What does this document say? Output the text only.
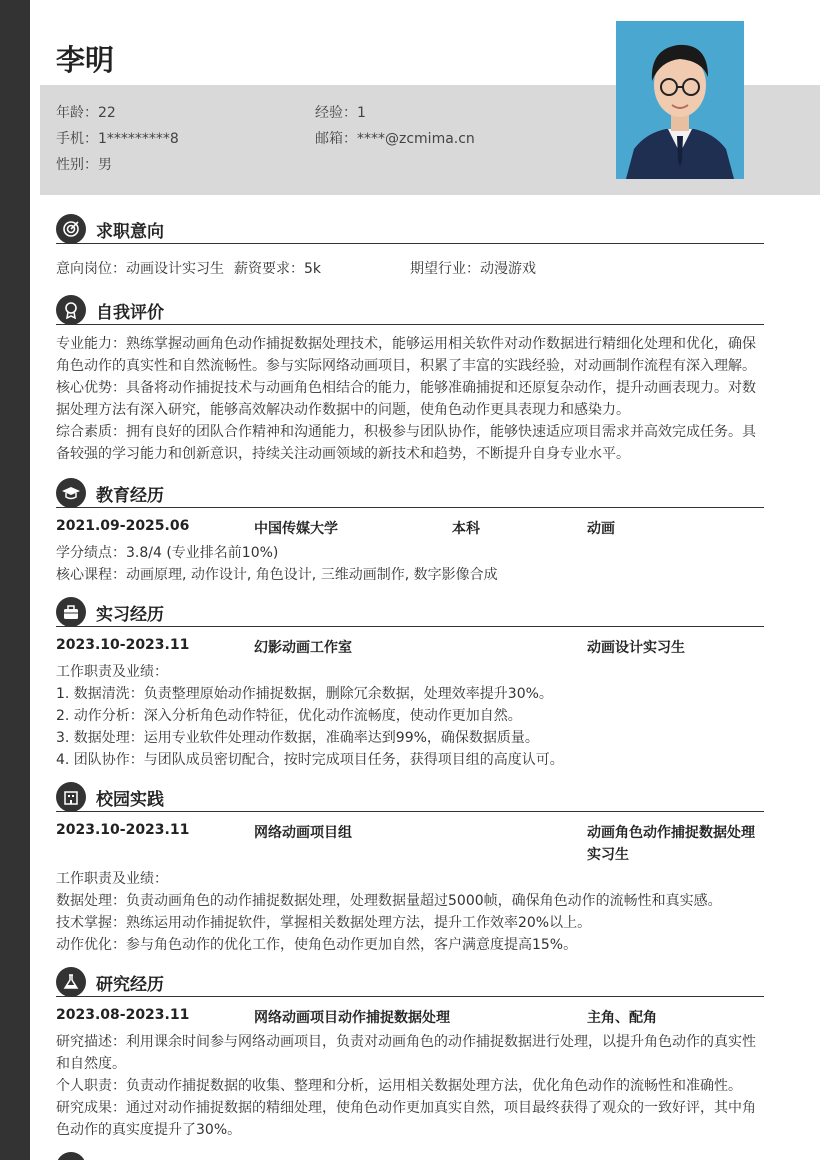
李明
年龄：22	经验：1
手机：1*********8	邮箱：****@zcmima.cn
性别：男
求职意向
意向岗位：动画设计实习生 薪资要求：5k	期望行业：动漫游戏
自我评价
专业能力：熟练掌握动画角色动作捕捉数据处理技术，能够运用相关软件对动作数据进行精细化处理和优化，确保角色动作的真实性和自然流畅性。参与实际网络动画项目，积累了丰富的实践经验，对动画制作流程有深入理解。
核心优势：具备将动作捕捉技术与动画角色相结合的能力，能够准确捕捉和还原复杂动作，提升动画表现力。对数据处理方法有深入研究，能够高效解决动作数据中的问题，使角色动作更具表现力和感染力。
综合素质：拥有良好的团队合作精神和沟通能力，积极参与团队协作，能够快速适应项目需求并高效完成任务。具备较强的学习能力和创新意识，持续关注动画领域的新技术和趋势，不断提升自身专业水平。
教育经历
2021.09-2025.06	中国传媒大学	本科	动画
学分绩点：3.8/4 (专业排名前10%)
核心课程：动画原理, 动作设计, 角色设计, 三维动画制作, 数字影像合成
实习经历
2023.10-2023.11	幻影动画工作室	动画设计实习生
工作职责及业绩：
1. 数据清洗：负责整理原始动作捕捉数据，删除冗余数据，处理效率提升30%。
2. 动作分析：深入分析角色动作特征，优化动作流畅度，使动作更加自然。
3. 数据处理：运用专业软件处理动作数据，准确率达到99%，确保数据质量。
4. 团队协作：与团队成员密切配合，按时完成项目任务，获得项目组的高度认可。
校园实践
2023.10-2023.11	网络动画项目组	动画角色动作捕捉数据处理实习生
工作职责及业绩：
数据处理：负责动画角色的动作捕捉数据处理，处理数据量超过5000帧，确保角色动作的流畅性和真实感。
技术掌握：熟练运用动作捕捉软件，掌握相关数据处理方法，提升工作效率20%以上。
动作优化：参与角色动作的优化工作，使角色动作更加自然，客户满意度提高15%。
研究经历
2023.08-2023.11	网络动画项目动作捕捉数据处理	主角、配角
研究描述：利用课余时间参与网络动画项目，负责对动画角色的动作捕捉数据进行处理，以提升角色动作的真实性和自然度。
个人职责：负责动作捕捉数据的收集、整理和分析，运用相关数据处理方法，优化角色动作的流畅性和准确性。
研究成果：通过对动作捕捉数据的精细处理，使角色动作更加真实自然，项目最终获得了观众的一致好评，其中角色动作的真实度提升了30%。
